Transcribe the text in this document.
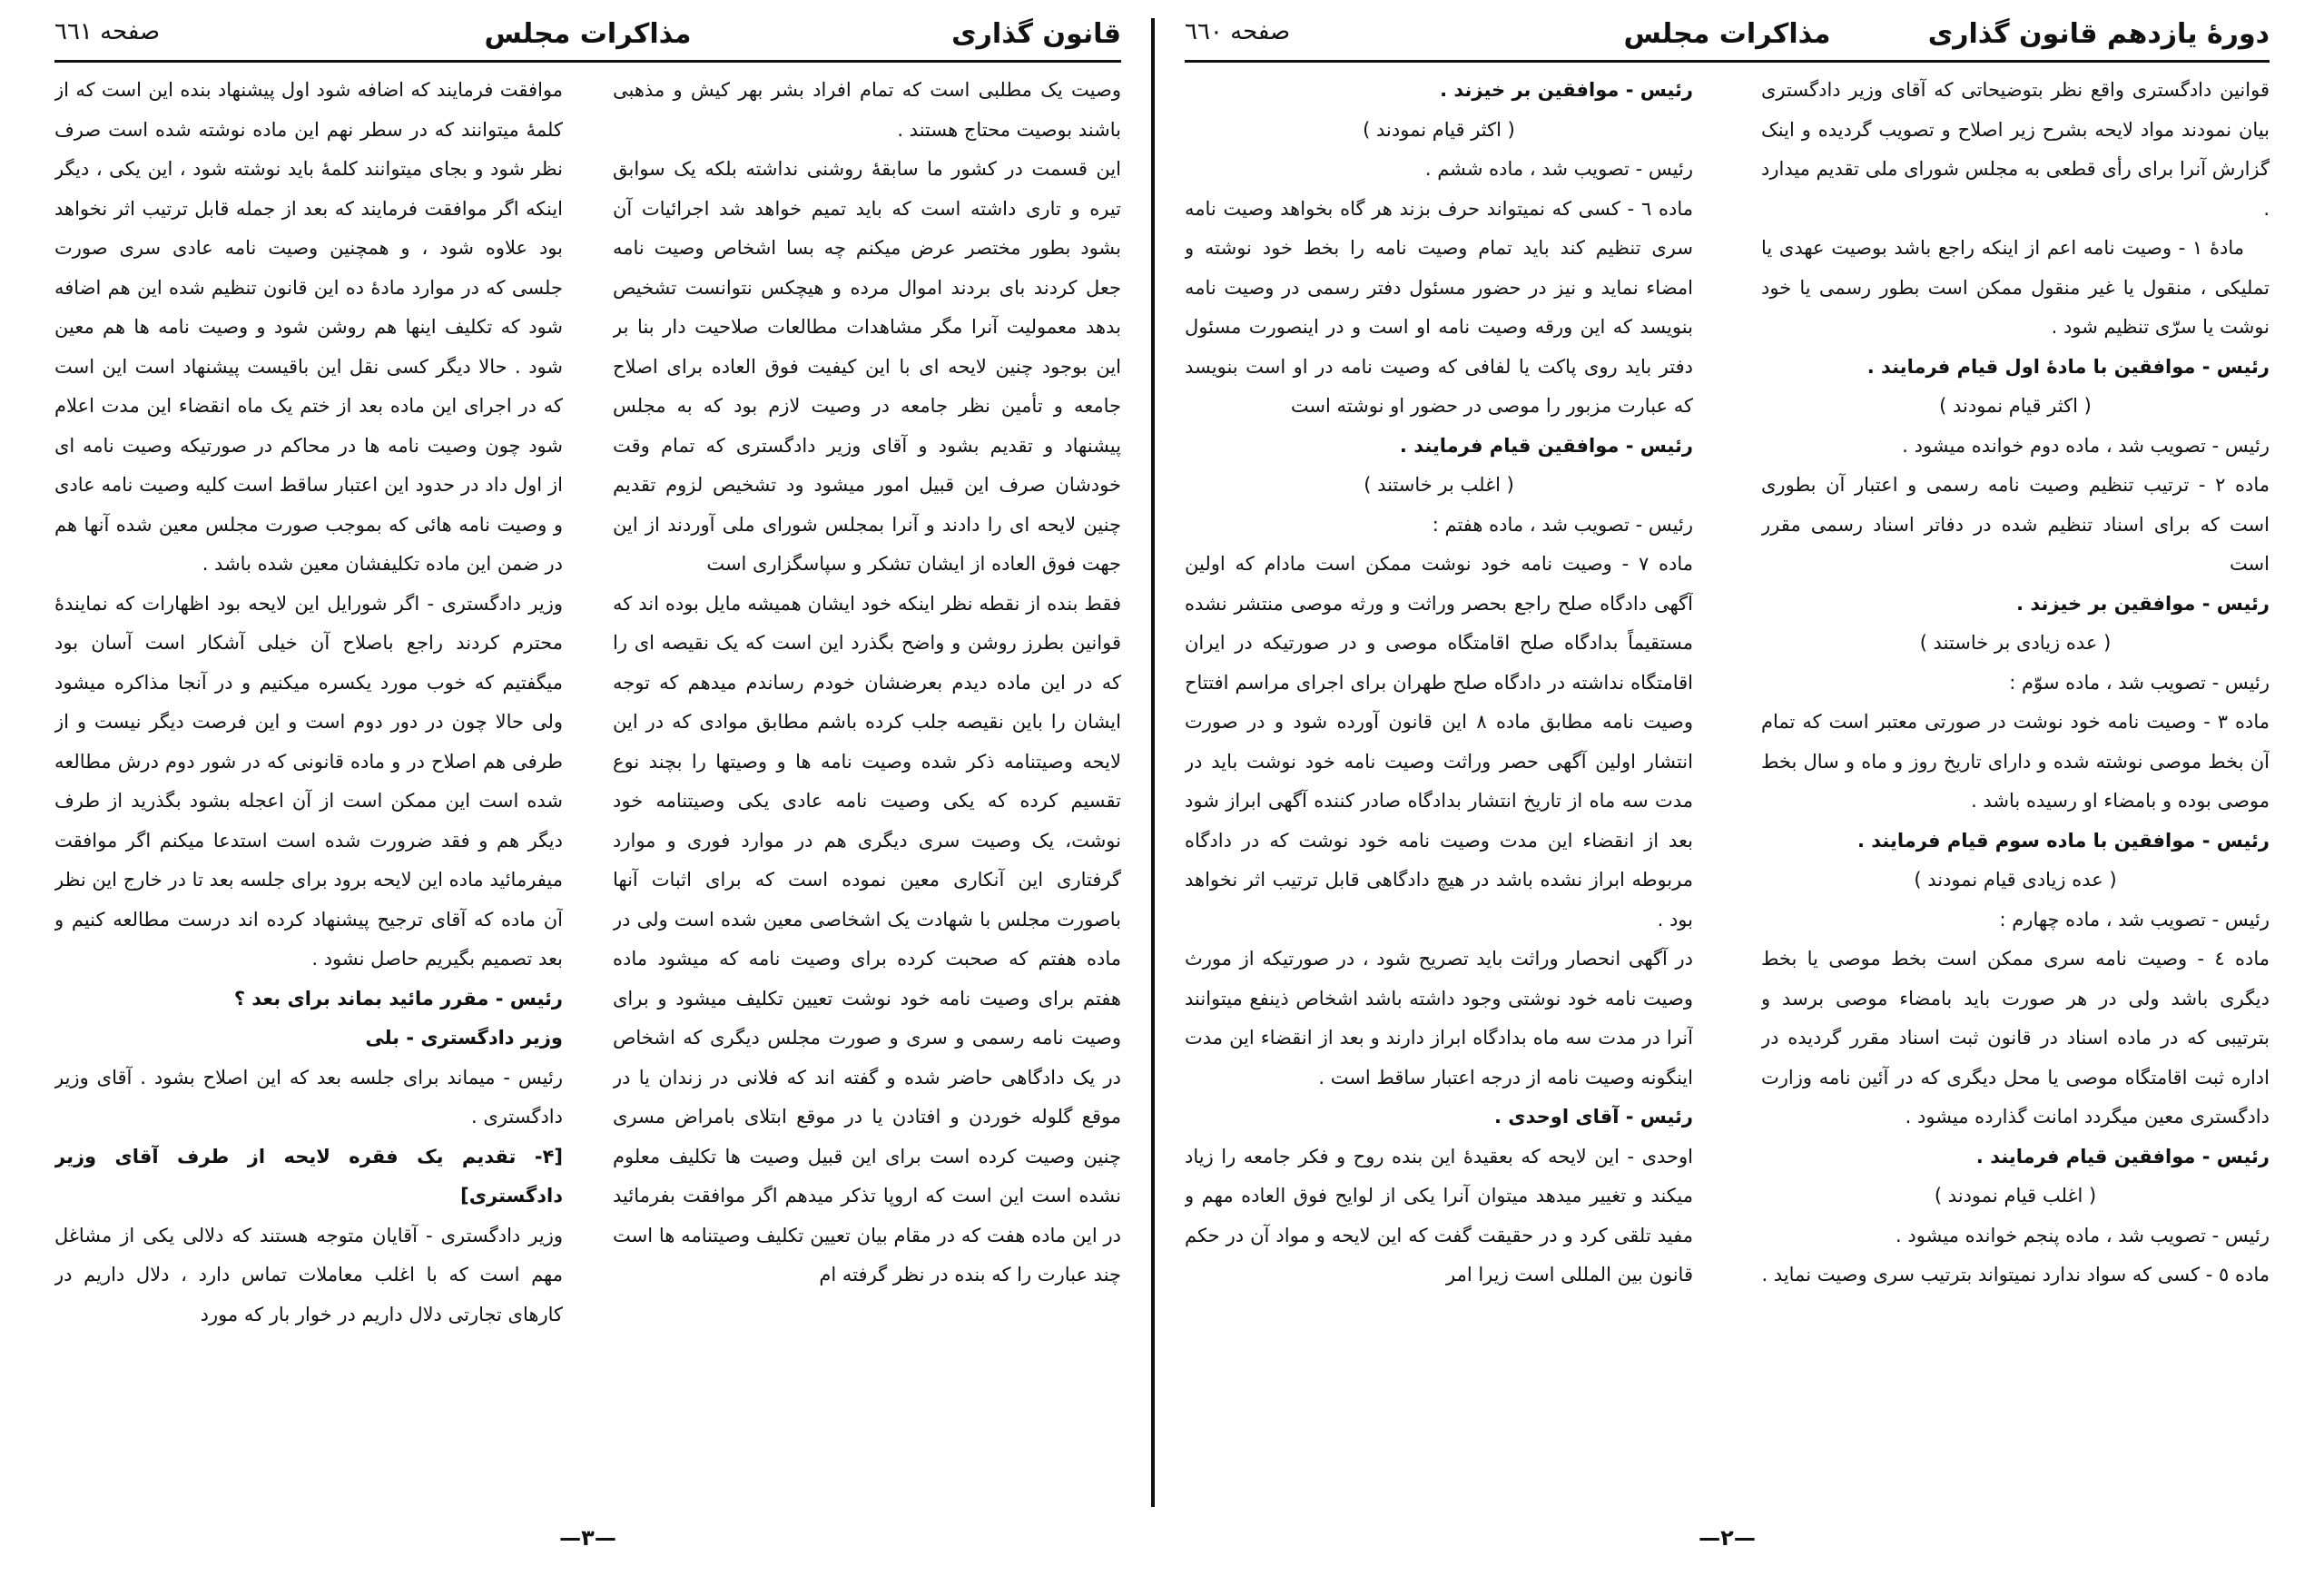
قانون گذاری
مذاکرات مجلس
صفحه ٦٦١
وصیت یک مطلبی است که تمام افراد بشر بهر کیش و مذهبی باشند بوصیت محتاج هستند .
این قسمت در کشور ما سابقهٔ روشنی نداشته بلکه یک سوابق تیره و تاری داشته است که باید تمیم خواهد شد اجرائیات آن بشود بطور مختصر عرض میکنم چه بسا اشخاص وصیت نامه جعل کردند بای بردند اموال مرده و هیچکس نتوانست تشخیص بدهد معمولیت آنرا مگر مشاهدات مطالعات صلاحیت دار بنا بر این بوجود چنین لایحه ای با این کیفیت فوق العاده برای اصلاح جامعه و تأمین نظر جامعه در وصیت لازم بود که به مجلس پیشنهاد و تقدیم بشود و آقای وزیر دادگستری که تمام وقت خودشان صرف این قبیل امور میشود ود تشخیص لزوم تقدیم چنین لایحه ای را دادند و آنرا بمجلس شورای ملی آوردند از این جهت فوق العاده از ایشان تشکر و سپاسگزاری است
فقط بنده از نقطه نظر اینکه خود ایشان همیشه مایل بوده اند که قوانین بطرز روشن و واضح بگذرد این است که یک نقیصه ای را که در این ماده دیدم بعرضشان خودم رساندم میدهم که توجه ایشان را باین نقیصه جلب کرده باشم مطابق موادی که در این لایحه وصیتنامه ذکر شده وصیت نامه ها و وصیتها را بچند نوع تقسیم کرده که یکی وصیت نامه عادی یکی وصیتنامه خود نوشت، یک وصیت سری دیگری هم در موارد فوری و موارد گرفتاری این آنکاری معین نموده است که برای اثبات آنها باصورت مجلس با شهادت یک اشخاصی معین شده است ولی در ماده هفتم که صحبت کرده برای وصیت نامه که میشود ماده هفتم برای وصیت نامه خود نوشت تعیین تکلیف میشود و برای وصیت نامه رسمی و سری و صورت مجلس دیگری که اشخاص در یک دادگاهی حاضر شده و گفته اند که فلانی در زندان یا در موقع گلوله خوردن و افتادن یا در موقع ابتلای بامراض مسری چنین وصیت کرده است برای این قبیل وصیت ها تکلیف معلوم نشده است این است که اروپا تذکر میدهم اگر موافقت بفرمائید در این ماده هفت که در مقام بیان تعیین تکلیف وصیتنامه ها است چند عبارت را که بنده در نظر گرفته ام
موافقت فرمایند که اضافه شود اول پیشنهاد بنده این است که از کلمهٔ میتوانند که در سطر نهم این ماده نوشته شده است صرف نظر شود و بجای میتوانند کلمهٔ باید نوشته شود ، این یکی ، دیگر اینکه اگر موافقت فرمایند که بعد از جمله قابل ترتیب اثر نخواهد بود علاوه شود ، و همچنین وصیت نامه عادی سری صورت جلسی که در موارد مادهٔ ده این قانون تنظیم شده این هم اضافه شود که تکلیف اینها هم روشن شود و وصیت نامه ها هم معین شود . حالا دیگر کسی نقل این باقیست پیشنهاد است این است که در اجرای این ماده بعد از ختم یک ماه انقضاء این مدت اعلام شود چون وصیت نامه ها در محاکم در صورتیکه وصیت نامه ای از اول داد در حدود این اعتبار ساقط است کلیه وصیت نامه عادی و وصیت نامه هائی که بموجب صورت مجلس معین شده آنها هم در ضمن این ماده تکلیفشان معین شده باشد .
وزیر دادگستری - اگر شورایل این لایحه بود اظهارات که نمایندهٔ محترم کردند راجع باصلاح آن خیلی آشکار است آسان بود میگفتیم که خوب مورد یکسره میکنیم و در آنجا مذاکره میشود ولی حالا چون در دور دوم است و این فرصت دیگر نیست و از طرفی هم اصلاح در و ماده قانونی که در شور دوم درش مطالعه شده است این ممکن است از آن اعجله بشود بگذرید از طرف دیگر هم و فقد ضرورت شده است استدعا میکنم اگر موافقت میفرمائید ماده این لایحه برود برای جلسه بعد تا در خارج این نظر آن ماده که آقای ترجیح پیشنهاد کرده اند درست مطالعه کنیم و بعد تصمیم بگیریم حاصل نشود .
رئیس - مقرر مائید بماند برای بعد ؟
وزیر دادگستری - بلی
رئیس - میماند برای جلسه بعد که این اصلاح بشود . آقای وزیر دادگستری .
[۴- تقدیم یک فقره لایحه از طرف آقای وزیر دادگستری]
وزیر دادگستری - آقایان متوجه هستند که دلالی یکی از مشاغل مهم است که با اغلب معاملات تماس دارد ، دلال داریم در کارهای تجارتی دلال داریم در خوار بار که مورد
—٣—
دورهٔ یازدهم قانون گذاری
مذاکرات مجلس
صفحه ٦٦٠
قوانین دادگستری واقع نظر بتوضیحاتی که آقای وزیر دادگستری بیان نمودند مواد لایحه بشرح زیر اصلاح و تصویب گردیده و اینک گزارش آنرا برای رأی قطعی به مجلس شورای ملی تقدیم میدارد .
مادهٔ ۱ - وصیت نامه اعم از اینکه راجع باشد بوصیت عهدی یا تملیکی ، منقول یا غیر منقول ممکن است بطور رسمی یا خود نوشت یا سرّی تنظیم شود .
رئیس - موافقین با مادهٔ اول قیام فرمایند .
( اکثر قیام نمودند )
رئیس - تصویب شد ، ماده دوم خوانده میشود .
ماده ۲ - ترتیب تنظیم وصیت نامه رسمی و اعتبار آن بطوری است که برای اسناد تنظیم شده در دفاتر اسناد رسمی مقرر است
رئیس - موافقین بر خیزند .
( عده زیادی بر خاستند )
رئیس - تصویب شد ، ماده سوّم :
ماده ۳ - وصیت نامه خود نوشت در صورتی معتبر است که تمام آن بخط موصی نوشته شده و دارای تاریخ روز و ماه و سال بخط موصی بوده و بامضاء او رسیده باشد .
رئیس - موافقین با ماده سوم قیام فرمایند .
( عده زیادی قیام نمودند )
رئیس - تصویب شد ، ماده چهارم :
ماده ٤ - وصیت نامه سری ممکن است بخط موصی یا بخط دیگری باشد ولی در هر صورت باید بامضاء موصی برسد و بترتیبی که در ماده اسناد در قانون ثبت اسناد مقرر گردیده در اداره ثبت اقامتگاه موصی یا محل دیگری که در آئین نامه وزارت دادگستری معین میگردد امانت گذارده میشود .
رئیس - موافقین قیام فرمایند .
( اغلب قیام نمودند )
رئیس - تصویب شد ، ماده پنجم خوانده میشود .
ماده ٥ - کسی که سواد ندارد نمیتواند بترتیب سری وصیت نماید .
رئیس - موافقین بر خیزند .
( اکثر قیام نمودند )
رئیس - تصویب شد ، ماده ششم .
ماده ٦ - کسی که نمیتواند حرف بزند هر گاه بخواهد وصیت نامه سری تنظیم کند باید تمام وصیت نامه را بخط خود نوشته و امضاء نماید و نیز در حضور مسئول دفتر رسمی در وصیت نامه بنویسد که این ورقه وصیت نامه او است و در اینصورت مسئول دفتر باید روی پاکت یا لفافی که وصیت نامه در او است بنویسد که عبارت مزبور را موصی در حضور او نوشته است
رئیس - موافقین قیام فرمایند .
( اغلب بر خاستند )
رئیس - تصویب شد ، ماده هفتم :
ماده ۷ - وصیت نامه خود نوشت ممکن است مادام که اولین آگهی دادگاه صلح راجع بحصر وراثت و ورثه موصی منتشر نشده مستقیماً بدادگاه صلح اقامتگاه موصی و در صورتیکه در ایران اقامتگاه نداشته در دادگاه صلح طهران برای اجرای مراسم افتتاح وصیت نامه مطابق ماده ۸ این قانون آورده شود و در صورت انتشار اولین آگهی حصر وراثت وصیت نامه خود نوشت باید در مدت سه ماه از تاریخ انتشار بدادگاه صادر کننده آگهی ابراز شود بعد از انقضاء این مدت وصیت نامه خود نوشت که در دادگاه مربوطه ابراز نشده باشد در هیچ دادگاهی قابل ترتیب اثر نخواهد بود .
در آگهی انحصار وراثت باید تصریح شود ، در صورتیکه از مورث وصیت نامه خود نوشتی وجود داشته باشد اشخاص ذینفع میتوانند آنرا در مدت سه ماه بدادگاه ابراز دارند و بعد از انقضاء این مدت اینگونه وصیت نامه از درجه اعتبار ساقط است .
رئیس - آقای اوحدی .
اوحدی - این لایحه که بعقیدهٔ این بنده روح و فکر جامعه را زیاد میکند و تغییر میدهد میتوان آنرا یکی از لوایح فوق العاده مهم و مفید تلقی کرد و در حقیقت گفت که این لایحه و مواد آن در حکم قانون بین المللی است زیرا امر
—٢—
